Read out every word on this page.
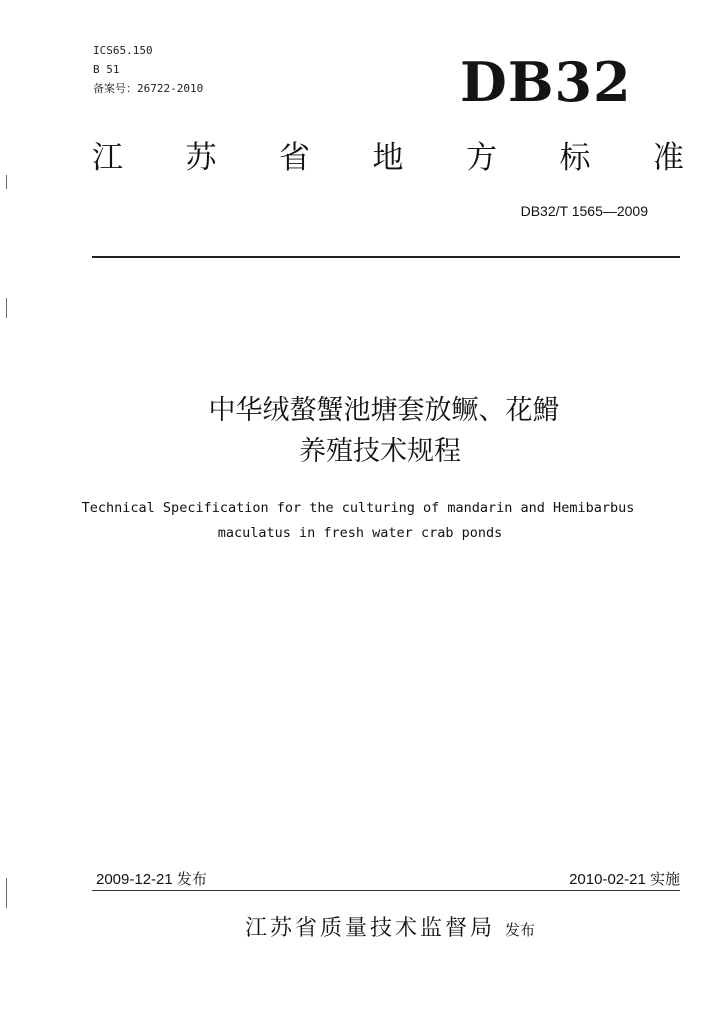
ICS65.150
B 51
备案号：26722-2010	DB32
江 苏 省 地 方 标 准
DB32/T 1565—2009
中华绒螯蟹池塘套放鳜、花䱻
养殖技术规程
Technical Specification for the culturing of mandarin and Hemibarbus
maculatus in fresh water crab ponds
2009-12-21 发布	2010-02-21 实施
江苏省质量技术监督局 发布
